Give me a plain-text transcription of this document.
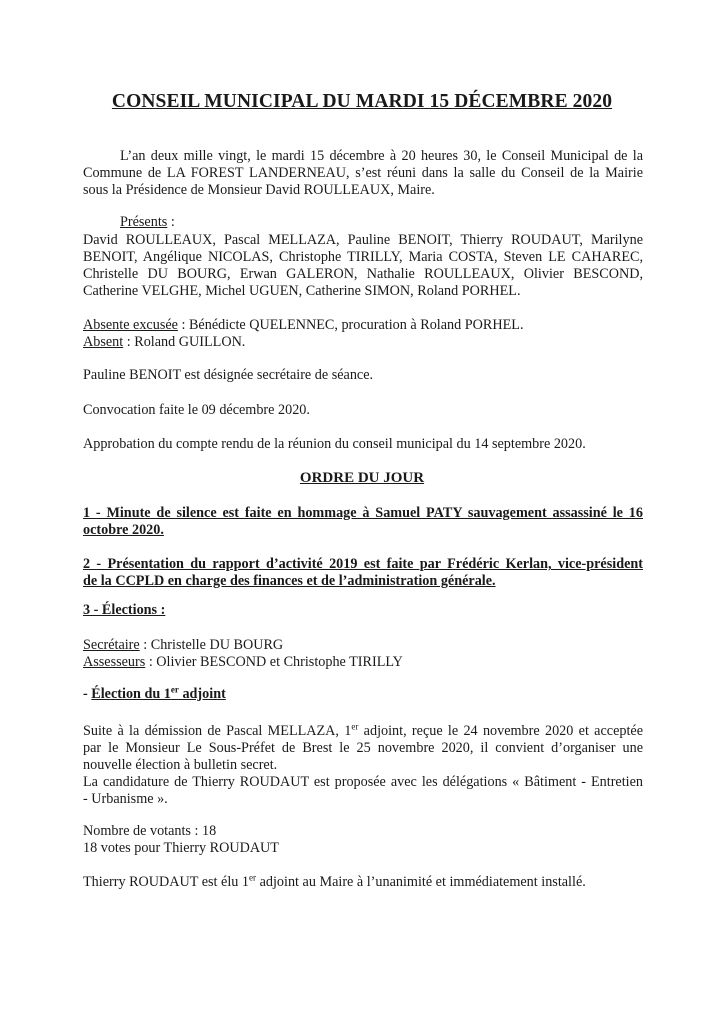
CONSEIL MUNICIPAL DU MARDI 15 DÉCEMBRE 2020
L’an deux mille vingt, le mardi 15 décembre à 20 heures 30, le Conseil Municipal de la
Commune de LA FOREST LANDERNEAU, s’est réuni dans la salle du Conseil de la Mairie
sous la Présidence de Monsieur David ROULLEAUX, Maire.
Présents :
David ROULLEAUX, Pascal MELLAZA, Pauline BENOIT, Thierry ROUDAUT, Marilyne
BENOIT, Angélique NICOLAS, Christophe TIRILLY, Maria COSTA, Steven LE CAHAREC,
Christelle DU BOURG, Erwan GALERON, Nathalie ROULLEAUX, Olivier BESCOND,
Catherine VELGHE, Michel UGUEN, Catherine SIMON, Roland PORHEL.
Absente excusée : Bénédicte QUELENNEC, procuration à Roland PORHEL.
Absent : Roland GUILLON.

Pauline BENOIT est désignée secrétaire de séance.

Convocation faite le 09 décembre 2020.

Approbation du compte rendu de la réunion du conseil municipal du 14 septembre 2020.

ORDRE DU JOUR
1 - Minute de silence est faite en hommage à Samuel PATY sauvagement assassiné le 16
octobre 2020.
2 - Présentation du rapport d’activité 2019 est faite par Frédéric Kerlan, vice-président
de la CCPLD en charge des finances et de l’administration générale.

3 - Élections :

Secrétaire : Christelle DU BOURG
Assesseurs : Olivier BESCOND et Christophe TIRILLY

- Élection du 1er adjoint

Suite à la démission de Pascal MELLAZA, 1er adjoint, reçue le 24 novembre 2020 et acceptée
par le Monsieur Le Sous-Préfet de Brest le 25 novembre 2020, il convient d’organiser une
nouvelle élection à bulletin secret.
La candidature de Thierry ROUDAUT est proposée avec les délégations « Bâtiment - Entretien
- Urbanisme ».
Nombre de votants : 18
18 votes pour Thierry ROUDAUT

Thierry ROUDAUT est élu 1er adjoint au Maire à l’unanimité et immédiatement installé.
